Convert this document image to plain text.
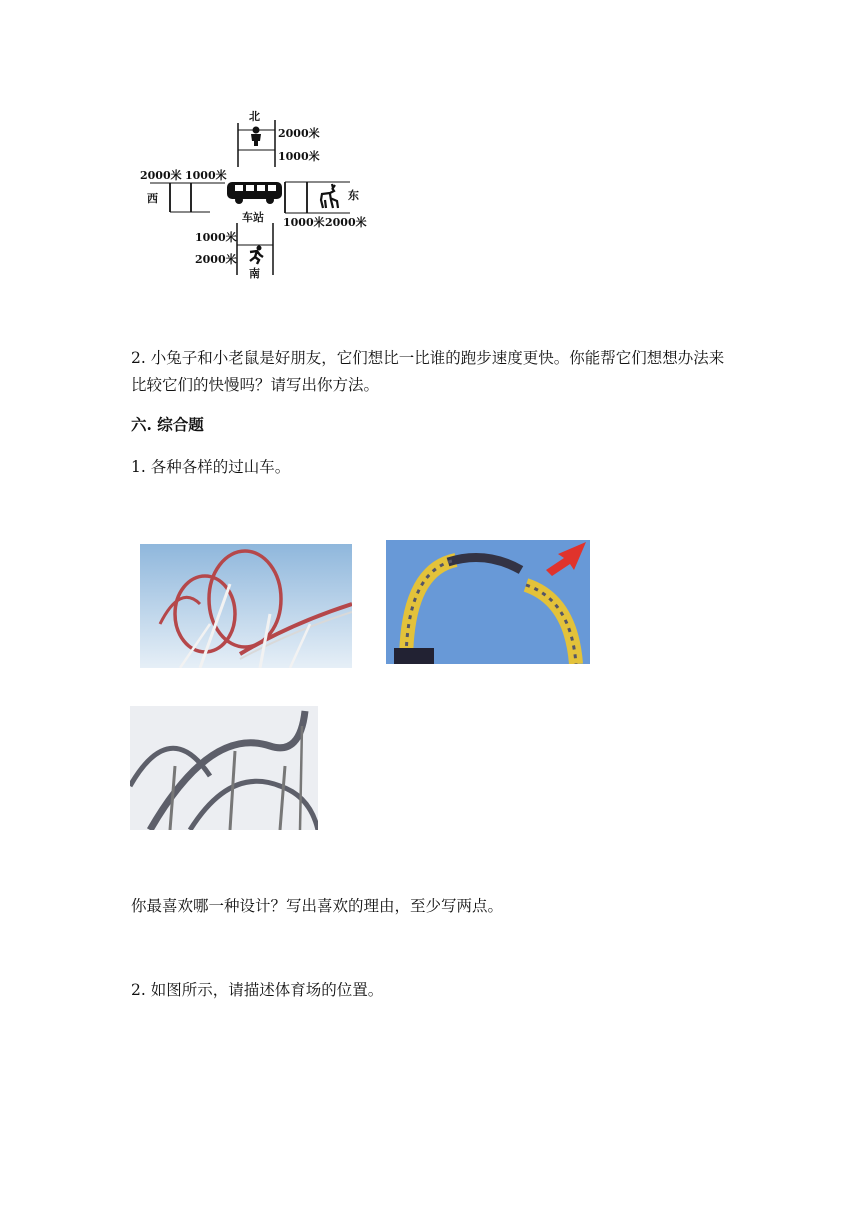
北
2000米
1000米
2000米 1000米
西	东
车站 1000米 2000米
1000米
2000米
南
2. 小兔子和小老鼠是好朋友，它们想比一比谁的跑步速度更快。你能帮它们想想办法来比较它们的快慢吗？请写出你方法。
六. 综合题
1. 各种各样的过山车。
你最喜欢哪一种设计？写出喜欢的理由，至少写两点。
2. 如图所示，请描述体育场的位置。
